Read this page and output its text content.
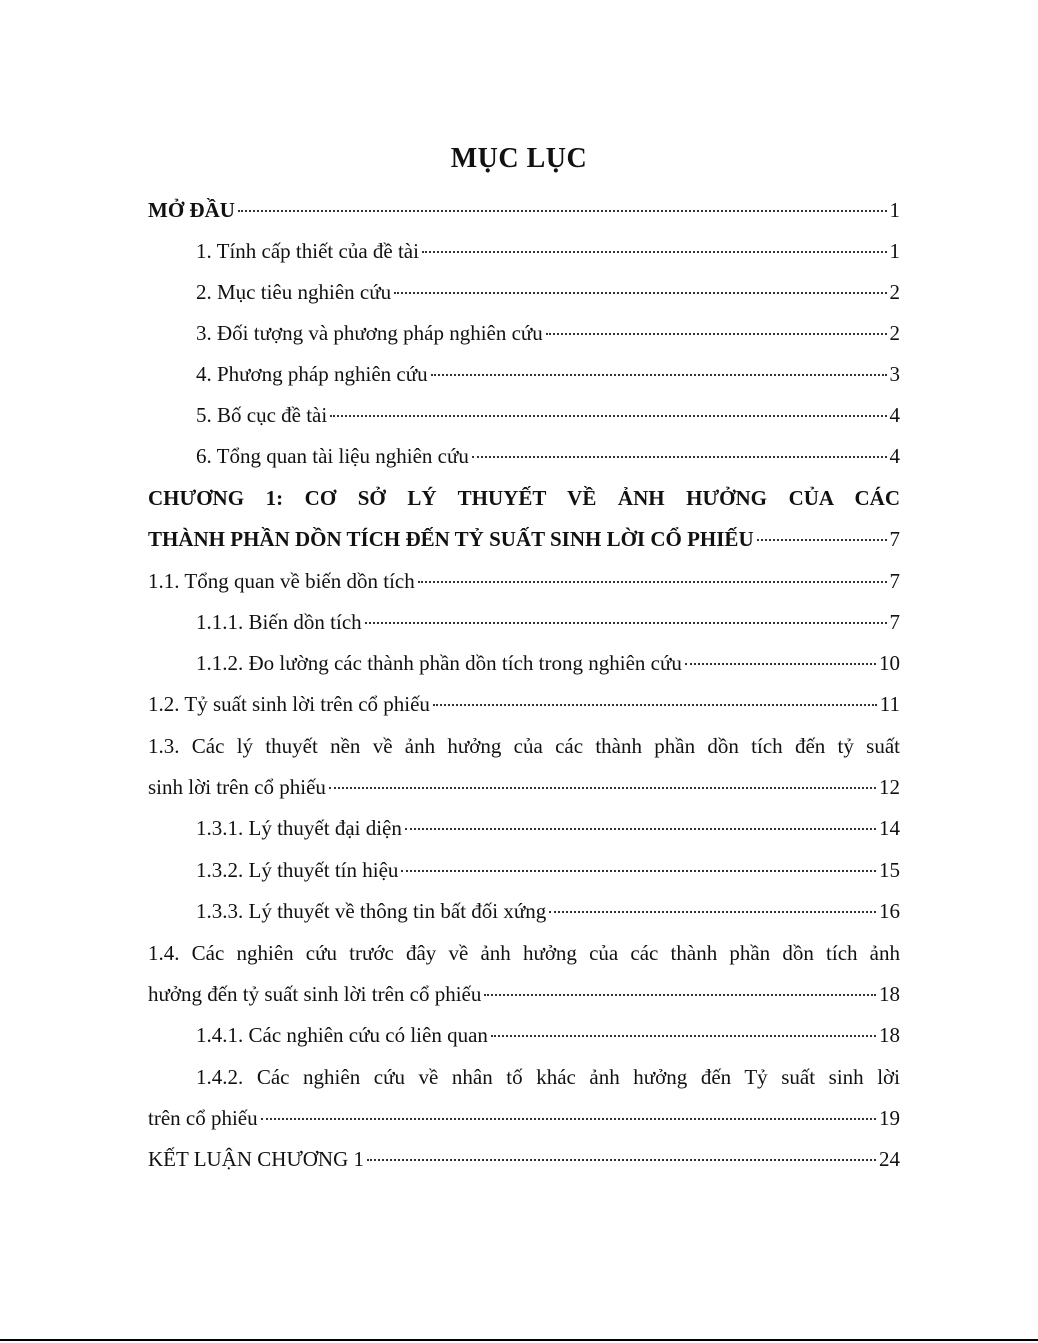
MỤC LỤC
MỞ ĐẦU	1
1. Tính cấp thiết của đề tài	1
2. Mục tiêu nghiên cứu	2
3. Đối tượng và phương pháp nghiên cứu	2
4. Phương pháp nghiên cứu	3
5. Bố cục đề tài	4
6. Tổng quan tài liệu nghiên cứu	4
CHƯƠNG 1: CƠ SỞ LÝ THUYẾT VỀ ẢNH HƯỞNG CỦA CÁC
THÀNH PHẦN DỒN TÍCH ĐẾN TỶ SUẤT SINH LỜI CỔ PHIẾU	7
1.1. Tổng quan về biến dồn tích	7
1.1.1. Biến dồn tích	7
1.1.2. Đo lường các thành phần dồn tích trong nghiên cứu	10
1.2. Tỷ suất sinh lời trên cổ phiếu	11
1.3. Các lý thuyết nền về ảnh hưởng của các thành phần dồn tích đến tỷ suất
sinh lời trên cổ phiếu	12
1.3.1. Lý thuyết đại diện	14
1.3.2. Lý thuyết tín hiệu	15
1.3.3. Lý thuyết về thông tin bất đối xứng	16
1.4. Các nghiên cứu trước đây về ảnh hưởng của các thành phần dồn tích ảnh
hưởng đến tỷ suất sinh lời trên cổ phiếu	18
1.4.1. Các nghiên cứu có liên quan	18
1.4.2. Các nghiên cứu về nhân tố khác ảnh hưởng đến Tỷ suất sinh lời
trên cổ phiếu	19
KẾT LUẬN CHƯƠNG 1	24
